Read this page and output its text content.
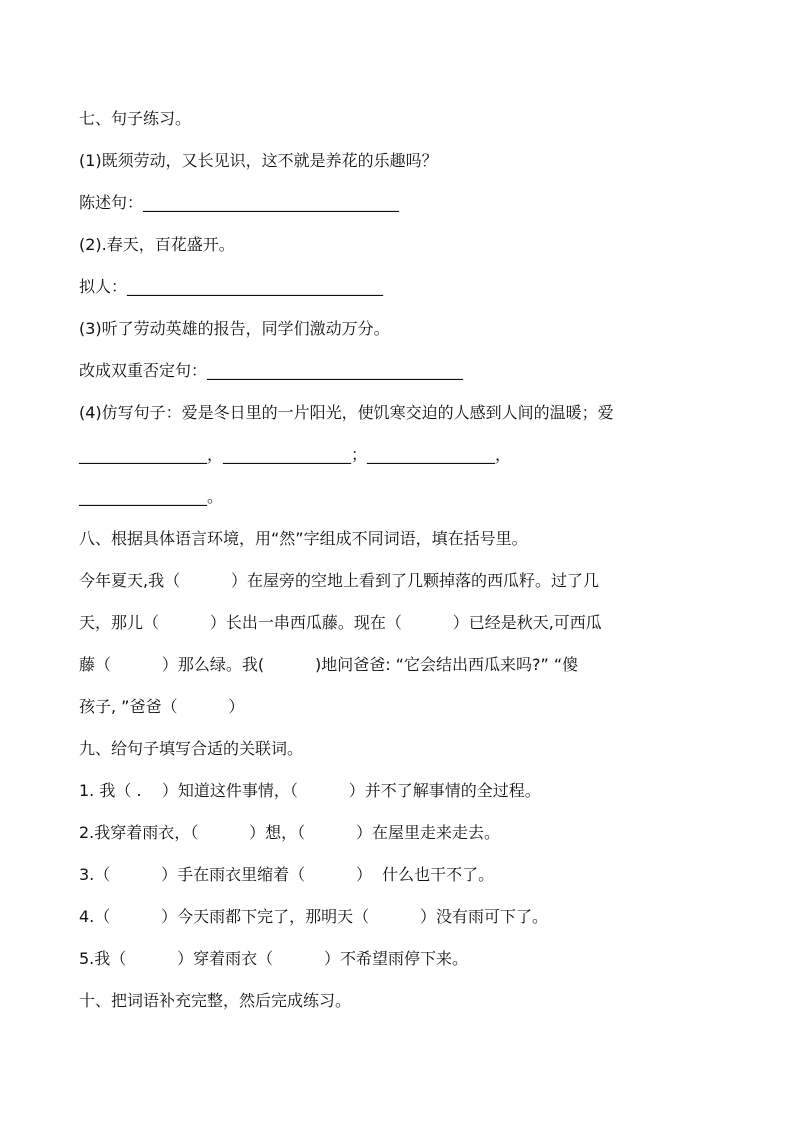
七、句子练习。
(1)既须劳动，又长见识，这不就是养花的乐趣吗？
陈述句：________________________________
(2).春天，百花盛开。
拟人：________________________________
(3)听了劳动英雄的报告，同学们激动万分。
改成双重否定句：________________________________
(4)仿写句子：爱是冬日里的一片阳光，使饥寒交迫的人感到人间的温暖；爱
________________，________________；________________，
________________。
八、根据具体语言环境，用“然”字组成不同词语，填在括号里。
今年夏天,我（          ）在屋旁的空地上看到了几颗掉落的西瓜籽。过了几
天，那儿（          ）长出一串西瓜藤。现在（          ）已经是秋天,可西瓜
藤（          ）那么绿。我(          )地问爸爸: “它会结出西瓜来吗?” “傻
孩子, ”爸爸（          ）
九、给句子填写合适的关联词。
1. 我（ .    ）知道这件事情，（          ）并不了解事情的全过程。
2.我穿着雨衣，（          ）想，（          ）在屋里走来走去。
3.（          ）手在雨衣里缩着（          ）  什么也干不了。
4.（          ）今天雨都下完了，那明天（          ）没有雨可下了。
5.我（          ）穿着雨衣（          ）不希望雨停下来。
十、把词语补充完整，然后完成练习。
